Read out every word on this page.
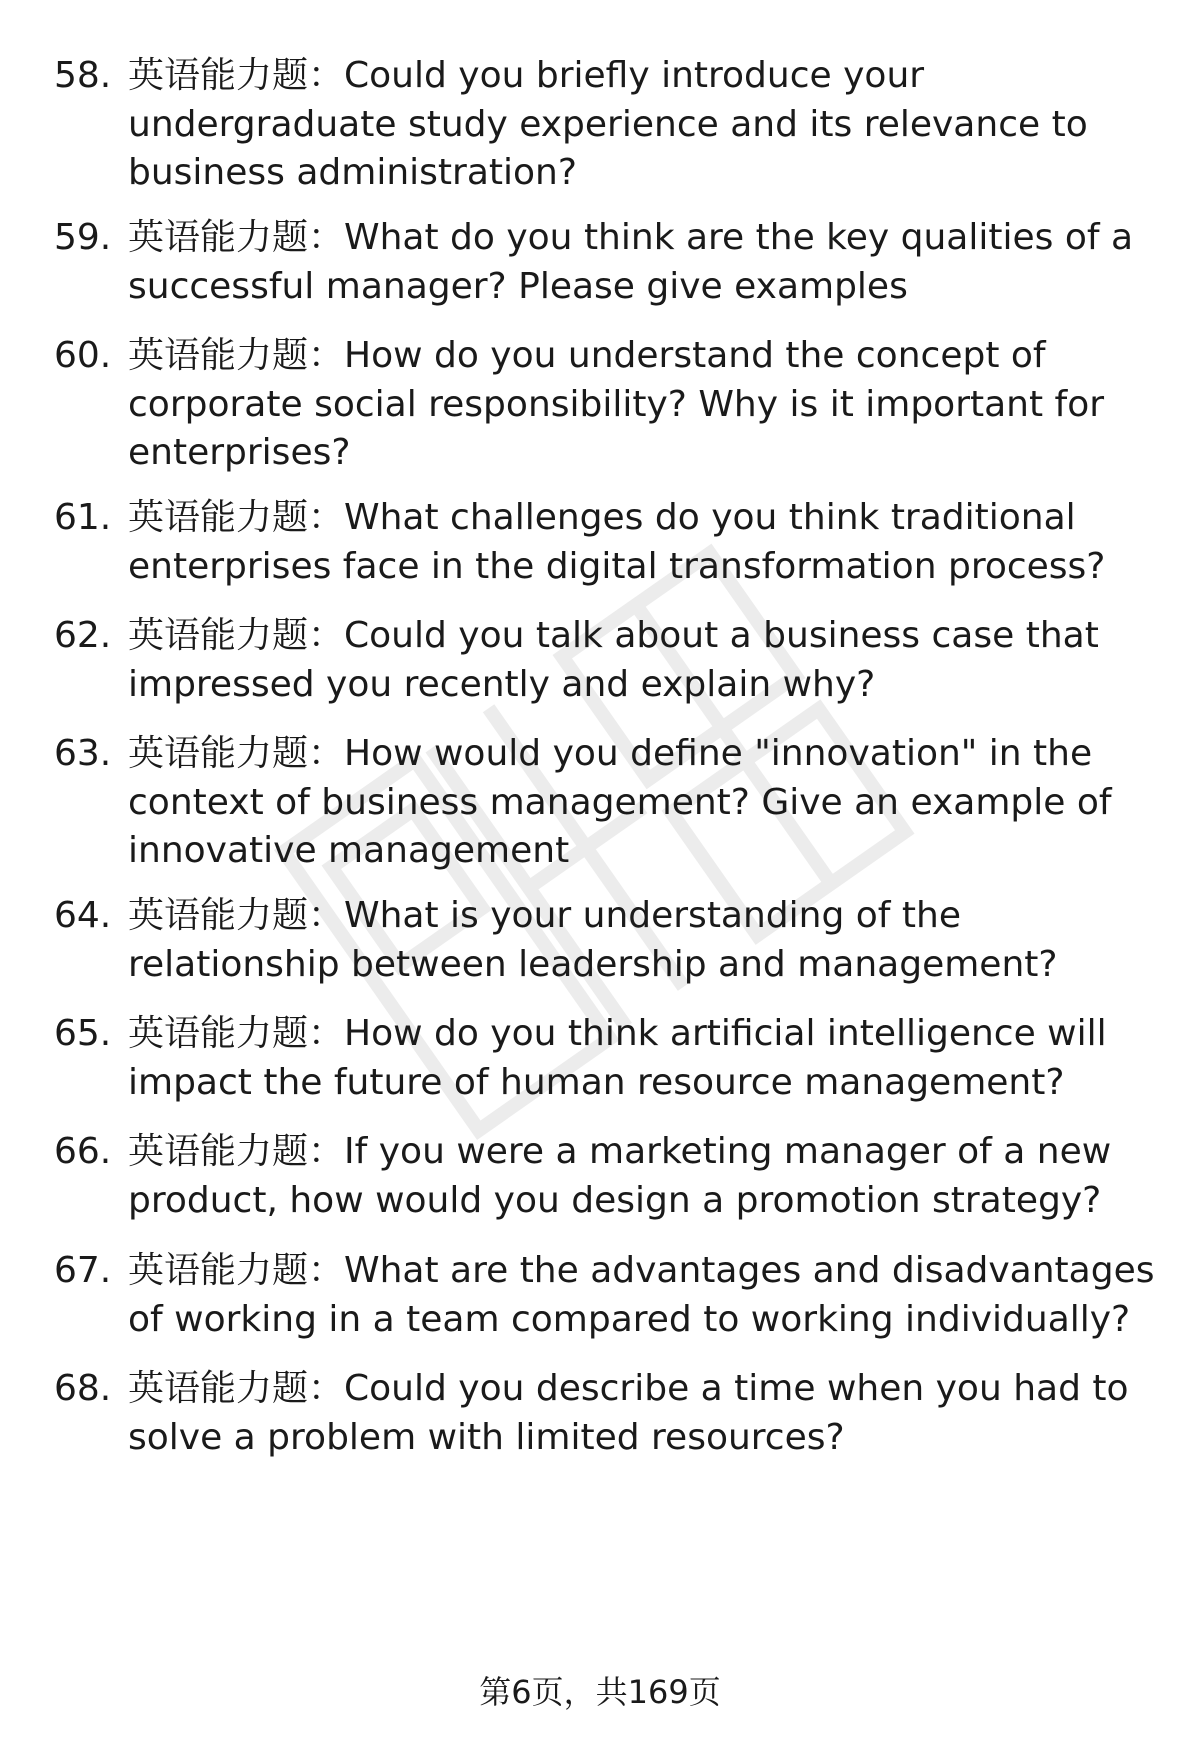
58. 英语能力题：Could you briefly introduce your undergraduate study experience and its relevance to business administration?
59. 英语能力题：What do you think are the key qualities of a successful manager? Please give examples
60. 英语能力题：How do you understand the concept of corporate social responsibility? Why is it important for enterprises?
61. 英语能力题：What challenges do you think traditional enterprises face in the digital transformation process?
62. 英语能力题：Could you talk about a business case that impressed you recently and explain why?
63. 英语能力题：How would you define "innovation" in the context of business management? Give an example of innovative management
64. 英语能力题：What is your understanding of the relationship between leadership and management?
65. 英语能力题：How do you think artificial intelligence will impact the future of human resource management?
66. 英语能力题：If you were a marketing manager of a new product, how would you design a promotion strategy?
67. 英语能力题：What are the advantages and disadvantages of working in a team compared to working individually?
68. 英语能力题：Could you describe a time when you had to solve a problem with limited resources?
第6页，共169页
